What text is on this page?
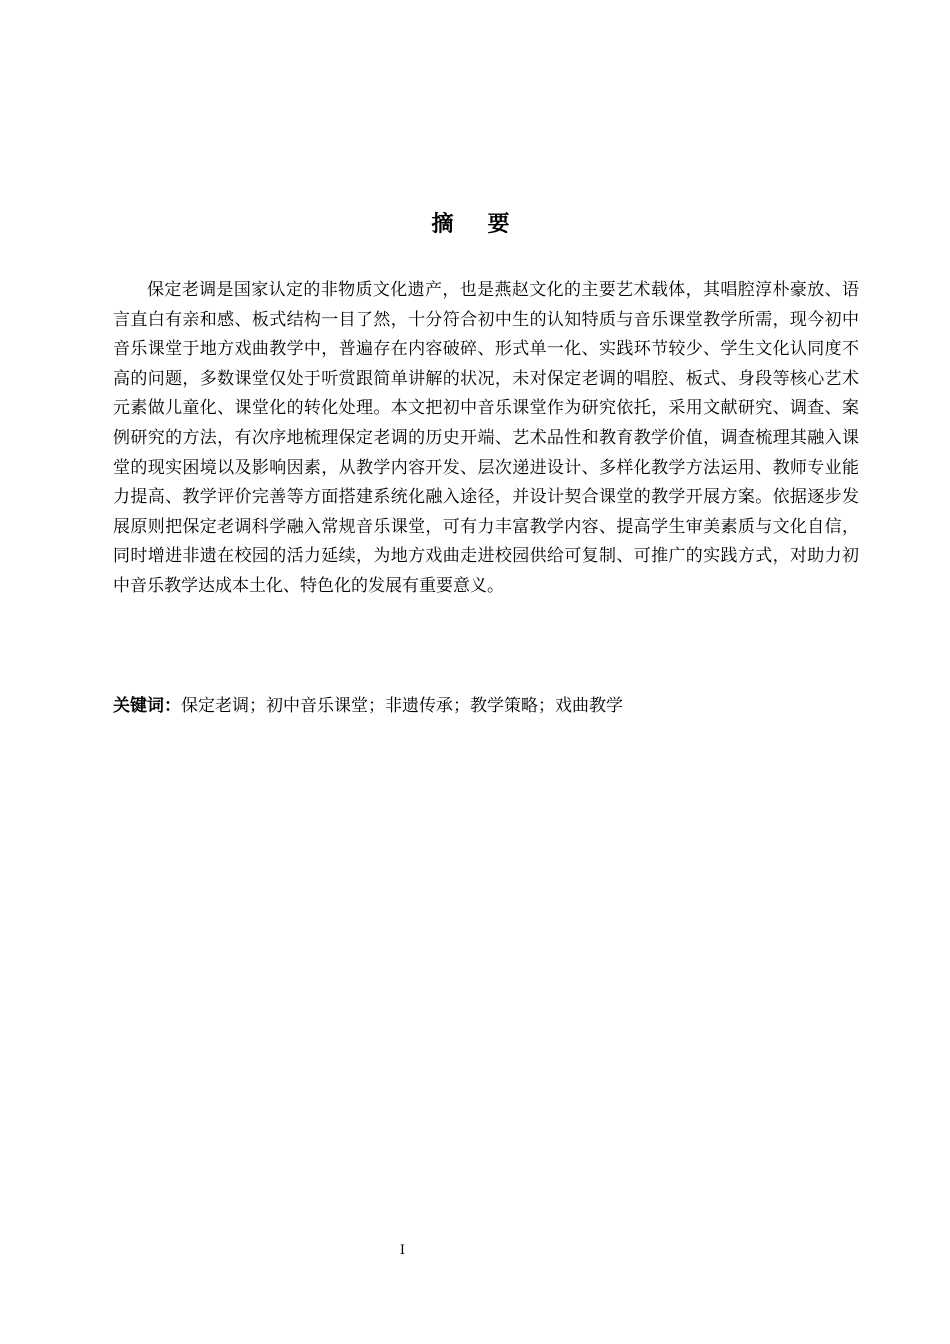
摘要

保定老调是国家认定的非物质文化遗产，也是燕赵文化的主要艺术载体，其唱腔淳朴豪放、语言直白有亲和感、板式结构一目了然，十分符合初中生的认知特质与音乐课堂教学所需，现今初中音乐课堂于地方戏曲教学中，普遍存在内容破碎、形式单一化、实践环节较少、学生文化认同度不高的问题，多数课堂仅处于听赏跟简单讲解的状况，未对保定老调的唱腔、板式、身段等核心艺术元素做儿童化、课堂化的转化处理。本文把初中音乐课堂作为研究依托，采用文献研究、调查、案例研究的方法，有次序地梳理保定老调的历史开端、艺术品性和教育教学价值，调查梳理其融入课堂的现实困境以及影响因素，从教学内容开发、层次递进设计、多样化教学方法运用、教师专业能力提高、教学评价完善等方面搭建系统化融入途径，并设计契合课堂的教学开展方案。依据逐步发展原则把保定老调科学融入常规音乐课堂，可有力丰富教学内容、提高学生审美素质与文化自信，同时增进非遗在校园的活力延续，为地方戏曲走进校园供给可复制、可推广的实践方式，对助力初中音乐教学达成本土化、特色化的发展有重要意义。

关键词：保定老调；初中音乐课堂；非遗传承；教学策略；戏曲教学

I
